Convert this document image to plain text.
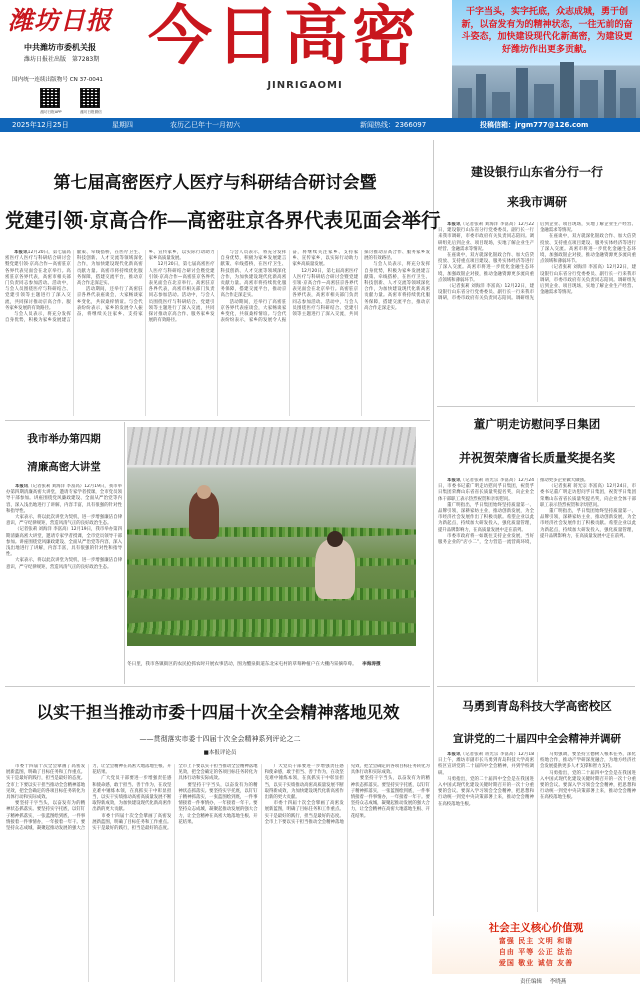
潍坊日报
中共潍坊市委机关报
潍坊日报社出版 第7283期
国内统一连续出版物号 CN 37-0041
潍坊日报APP	潍坊日报微信
今日高密
JINRIGAOMI
干字当头，实字托底，众志成城，勇于创新，以奋发有为的精神状态，一往无前的奋斗姿态，加快建设现代化新高密，为建设更好潍坊作出更多贡献。
2025年12月25日	星期四	农历乙巳年十一月初六	新闻热线：2366097	投稿信箱：jrgm777@126.com
第七届高密医疗人医疗与科研结合研讨会暨
党建引领·京高合作—高密驻京各界代表见面会举行

本报讯12月20日，第七届高密医疗人医疗与科研结合研讨会暨党建引领·京高合作—高密驻京各界代表见面会在北京举行。高密驻京各界代表，高密市相关部门负责同志参加活动。活动中，与会人员围绕医疗与科研结合、党建引领等主题进行了深入交流，共同探讨推动京高合作、服务家乡发展的有效路径。

与会人员表示，将充分发挥自身优势，积极为家乡发展建言献策、牵线搭桥，在医疗卫生、科技创新、人才交流等领域深化合作，为加快建设现代化新高密贡献力量。高密市将持续优化服务保障，搭建交流平台，推动京高合作走深走实。

活动期间，还举行了高密驻京各界代表座谈会，大家畅谈家乡变化，共叙桑梓情谊。与会代表纷纷表示，家乡的发展令人振奋，将继续关注家乡、支持家乡、宣传家乡，以实际行动助力家乡高质量发展。

12月20日，第七届高密医疗人医疗与科研结合研讨会暨党建引领·京高合作—高密驻京各界代表见面会在北京举行。高密驻京各界代表，高密市相关部门负责同志参加活动。活动中，与会人员围绕医疗与科研结合、党建引领等主题进行了深入交流，共同探讨推动京高合作、服务家乡发展的有效路径。

与会人员表示，将充分发挥自身优势，积极为家乡发展建言献策、牵线搭桥，在医疗卫生、科技创新、人才交流等领域深化合作，为加快建设现代化新高密贡献力量。高密市将持续优化服务保障，搭建交流平台，推动京高合作走深走实。

活动期间，还举行了高密驻京各界代表座谈会，大家畅谈家乡变化，共叙桑梓情谊。与会代表纷纷表示，家乡的发展令人振奋，将继续关注家乡、支持家乡、宣传家乡，以实际行动助力家乡高质量发展。

12月20日，第七届高密医疗人医疗与科研结合研讨会暨党建引领·京高合作—高密驻京各界代表见面会在北京举行。高密驻京各界代表，高密市相关部门负责同志参加活动。活动中，与会人员围绕医疗与科研结合、党建引领等主题进行了深入交流，共同探讨推动京高合作、服务家乡发展的有效路径。

与会人员表示，将充分发挥自身优势，积极为家乡发展建言献策、牵线搭桥，在医疗卫生、科技创新、人才交流等领域深化合作，为加快建设现代化新高密贡献力量。高密市将持续优化服务保障，搭建交流平台，推动京高合作走深走实。

建设银行山东省分行一行
来我市调研

本报讯（记者张莉 刘海洋 李富高）12月22日，建设银行山东省分行党委委员、副行长一行来我市调研，市委市政府有关负责同志陪同。调研组先后到企业、项目现场，实地了解企业生产经营、金融需求等情况。

在座谈中，双方就深化银政合作、加大信贷投放、支持重点项目建设、服务实体经济等进行了深入交流。高密市将进一步优化金融生态环境，加强政银企对接，推动金融资源更多流向重点领域和薄弱环节。

（记者张莉 刘海洋 李富高）12月22日，建设银行山东省分行党委委员、副行长一行来我市调研，市委市政府有关负责同志陪同。调研组先后到企业、项目现场，实地了解企业生产经营、金融需求等情况。

在座谈中，双方就深化银政合作、加大信贷投放、支持重点项目建设、服务实体经济等进行了深入交流。高密市将进一步优化金融生态环境，加强政银企对接，推动金融资源更多流向重点领域和薄弱环节。

（记者张莉 刘海洋 李富高）12月22日，建设银行山东省分行党委委员、副行长一行来我市调研，市委市政府有关负责同志陪同。调研组先后到企业、项目现场，实地了解企业生产经营、金融需求等情况。

我市举办第四期
清廉高密大讲堂

本报讯（记者张莉 刘海洋 李富高）12月19日，我市举办第四期清廉高密大讲堂，邀请专家学者授课，全市党员领导干部参加。讲座围绕党风廉政建设、全面从严治党等内容，深入浅出地进行了讲解，内容丰富，具有很强的针对性和指导性。

大家表示，将以此次讲堂为契机，进一步增强廉洁自律意识，严守纪律规矩，营造风清气正的良好政治生态。

（记者张莉 刘海洋 李富高）12月19日，我市举办第四期清廉高密大讲堂，邀请专家学者授课，全市党员领导干部参加。讲座围绕党风廉政建设、全面从严治党等内容，深入浅出地进行了讲解，内容丰富，具有很强的针对性和指导性。

大家表示，将以此次讲堂为契机，进一步增强廉洁自律意识，严守纪律规矩，营造风清气正的良好政治生态。

冬日里，我市各镇街区的农民抢抓农时开展农事活动，图为醴泉街道东北宋屯村的草莓种植户在大棚内采摘草莓。 李海涛摄
董广明走访慰问孚日集团
并祝贺荣膺省长质量奖提名奖

本报讯（记者张莉 蒋光宗 李富高）12月24日，市委书记董广明走访慰问孚日集团，祝贺孚日集团荣膺山东省省长质量奖提名奖，向企业全体干部职工表示热烈祝贺和亲切慰问。

董广明指出，孚日集团始终坚持质量第一、品牌引领，深耕家纺主业，推动创新发展，为全市经济社会发展作出了积极贡献。希望企业以此为新起点，持续加大研发投入，强化质量管理，提升品牌影响力，在高质量发展中走在前列。

市委市政府将一如既往支持企业发展，当好服务企业的“店小二”，全力营造一流营商环境，推动更多企业做大做强。

（记者张莉 蒋光宗 李富高）12月24日，市委书记董广明走访慰问孚日集团，祝贺孚日集团荣膺山东省省长质量奖提名奖，向企业全体干部职工表示热烈祝贺和亲切慰问。

董广明指出，孚日集团始终坚持质量第一、品牌引领，深耕家纺主业，推动创新发展，为全市经济社会发展作出了积极贡献。希望企业以此为新起点，持续加大研发投入，强化质量管理，提升品牌影响力，在高质量发展中走在前列。

以实干担当推动市委十四届十次全会精神落地见效
——贯彻落实市委十四届十次全会精神系列评论之二
■本报评论员

市委十四届十次全会擘画了高密发展新蓝图，明确了目标任务和工作重点。实干是最好的践行，担当是最好的态度。全市上下要以实干担当推动全会精神落地见效，把全会确定的各项目标任务转化为具体行动和实际成效。

要坚持干字当头，以奋发有为的精神状态抓落实。要坚持实字托底，以钉钉子精神抓落实，一张蓝图绘到底，一件事情接着一件事情办，一年接着一年干。要坚持众志成城，凝聚起推动发展的强大合力，让全会精神在高密大地落地生根、开花结果。

广大党员干部要进一步增强责任感和使命感，敢于担当、善于作为，在攻坚克难中锤炼本领，在真抓实干中彰显担当，以实干实绩推动高密高质量发展不断取得新成效，为加快建设现代化新高密作出新的更大贡献。

市委十四届十次全会擘画了高密发展新蓝图，明确了目标任务和工作重点。实干是最好的践行，担当是最好的态度。全市上下要以实干担当推动全会精神落地见效，把全会确定的各项目标任务转化为具体行动和实际成效。

要坚持干字当头，以奋发有为的精神状态抓落实。要坚持实字托底，以钉钉子精神抓落实，一张蓝图绘到底，一件事情接着一件事情办，一年接着一年干。要坚持众志成城，凝聚起推动发展的强大合力，让全会精神在高密大地落地生根、开花结果。

广大党员干部要进一步增强责任感和使命感，敢于担当、善于作为，在攻坚克难中锤炼本领，在真抓实干中彰显担当，以实干实绩推动高密高质量发展不断取得新成效，为加快建设现代化新高密作出新的更大贡献。

市委十四届十次全会擘画了高密发展新蓝图，明确了目标任务和工作重点。实干是最好的践行，担当是最好的态度。全市上下要以实干担当推动全会精神落地见效，把全会确定的各项目标任务转化为具体行动和实际成效。

要坚持干字当头，以奋发有为的精神状态抓落实。要坚持实字托底，以钉钉子精神抓落实，一张蓝图绘到底，一件事情接着一件事情办，一年接着一年干。要坚持众志成城，凝聚起推动发展的强大合力，让全会精神在高密大地落地生根、开花结果。

马勇到青岛科技大学高密校区
宣讲党的二十届四中全会精神并调研

本报讯（记者张莉 蒋光宗 李富高）12月18日上午，潍坊市副市长马勇到青岛科技大学高密校区宣讲党的二十届四中全会精神，并到学校调研。

马勇指出，党的二十届四中全会是在我国进入中国式现代化建设关键时期召开的一次十分重要的会议。要深入学习领会全会精神，把思想和行动统一到党中央决策部署上来，推动全会精神在高校落地生根。

马勇强调，要坚持立德树人根本任务，深化校地合作，推动产学研深度融合，为地方经济社会发展提供更多人才支撑和智力支持。

马勇指出，党的二十届四中全会是在我国进入中国式现代化建设关键时期召开的一次十分重要的会议。要深入学习领会全会精神，把思想和行动统一到党中央决策部署上来，推动全会精神在高校落地生根。

社会主义核心价值观
富强 民主 文明 和谐
自由 平等 公正 法治
爱国 敬业 诚信 友善
责任编辑 李晓燕
